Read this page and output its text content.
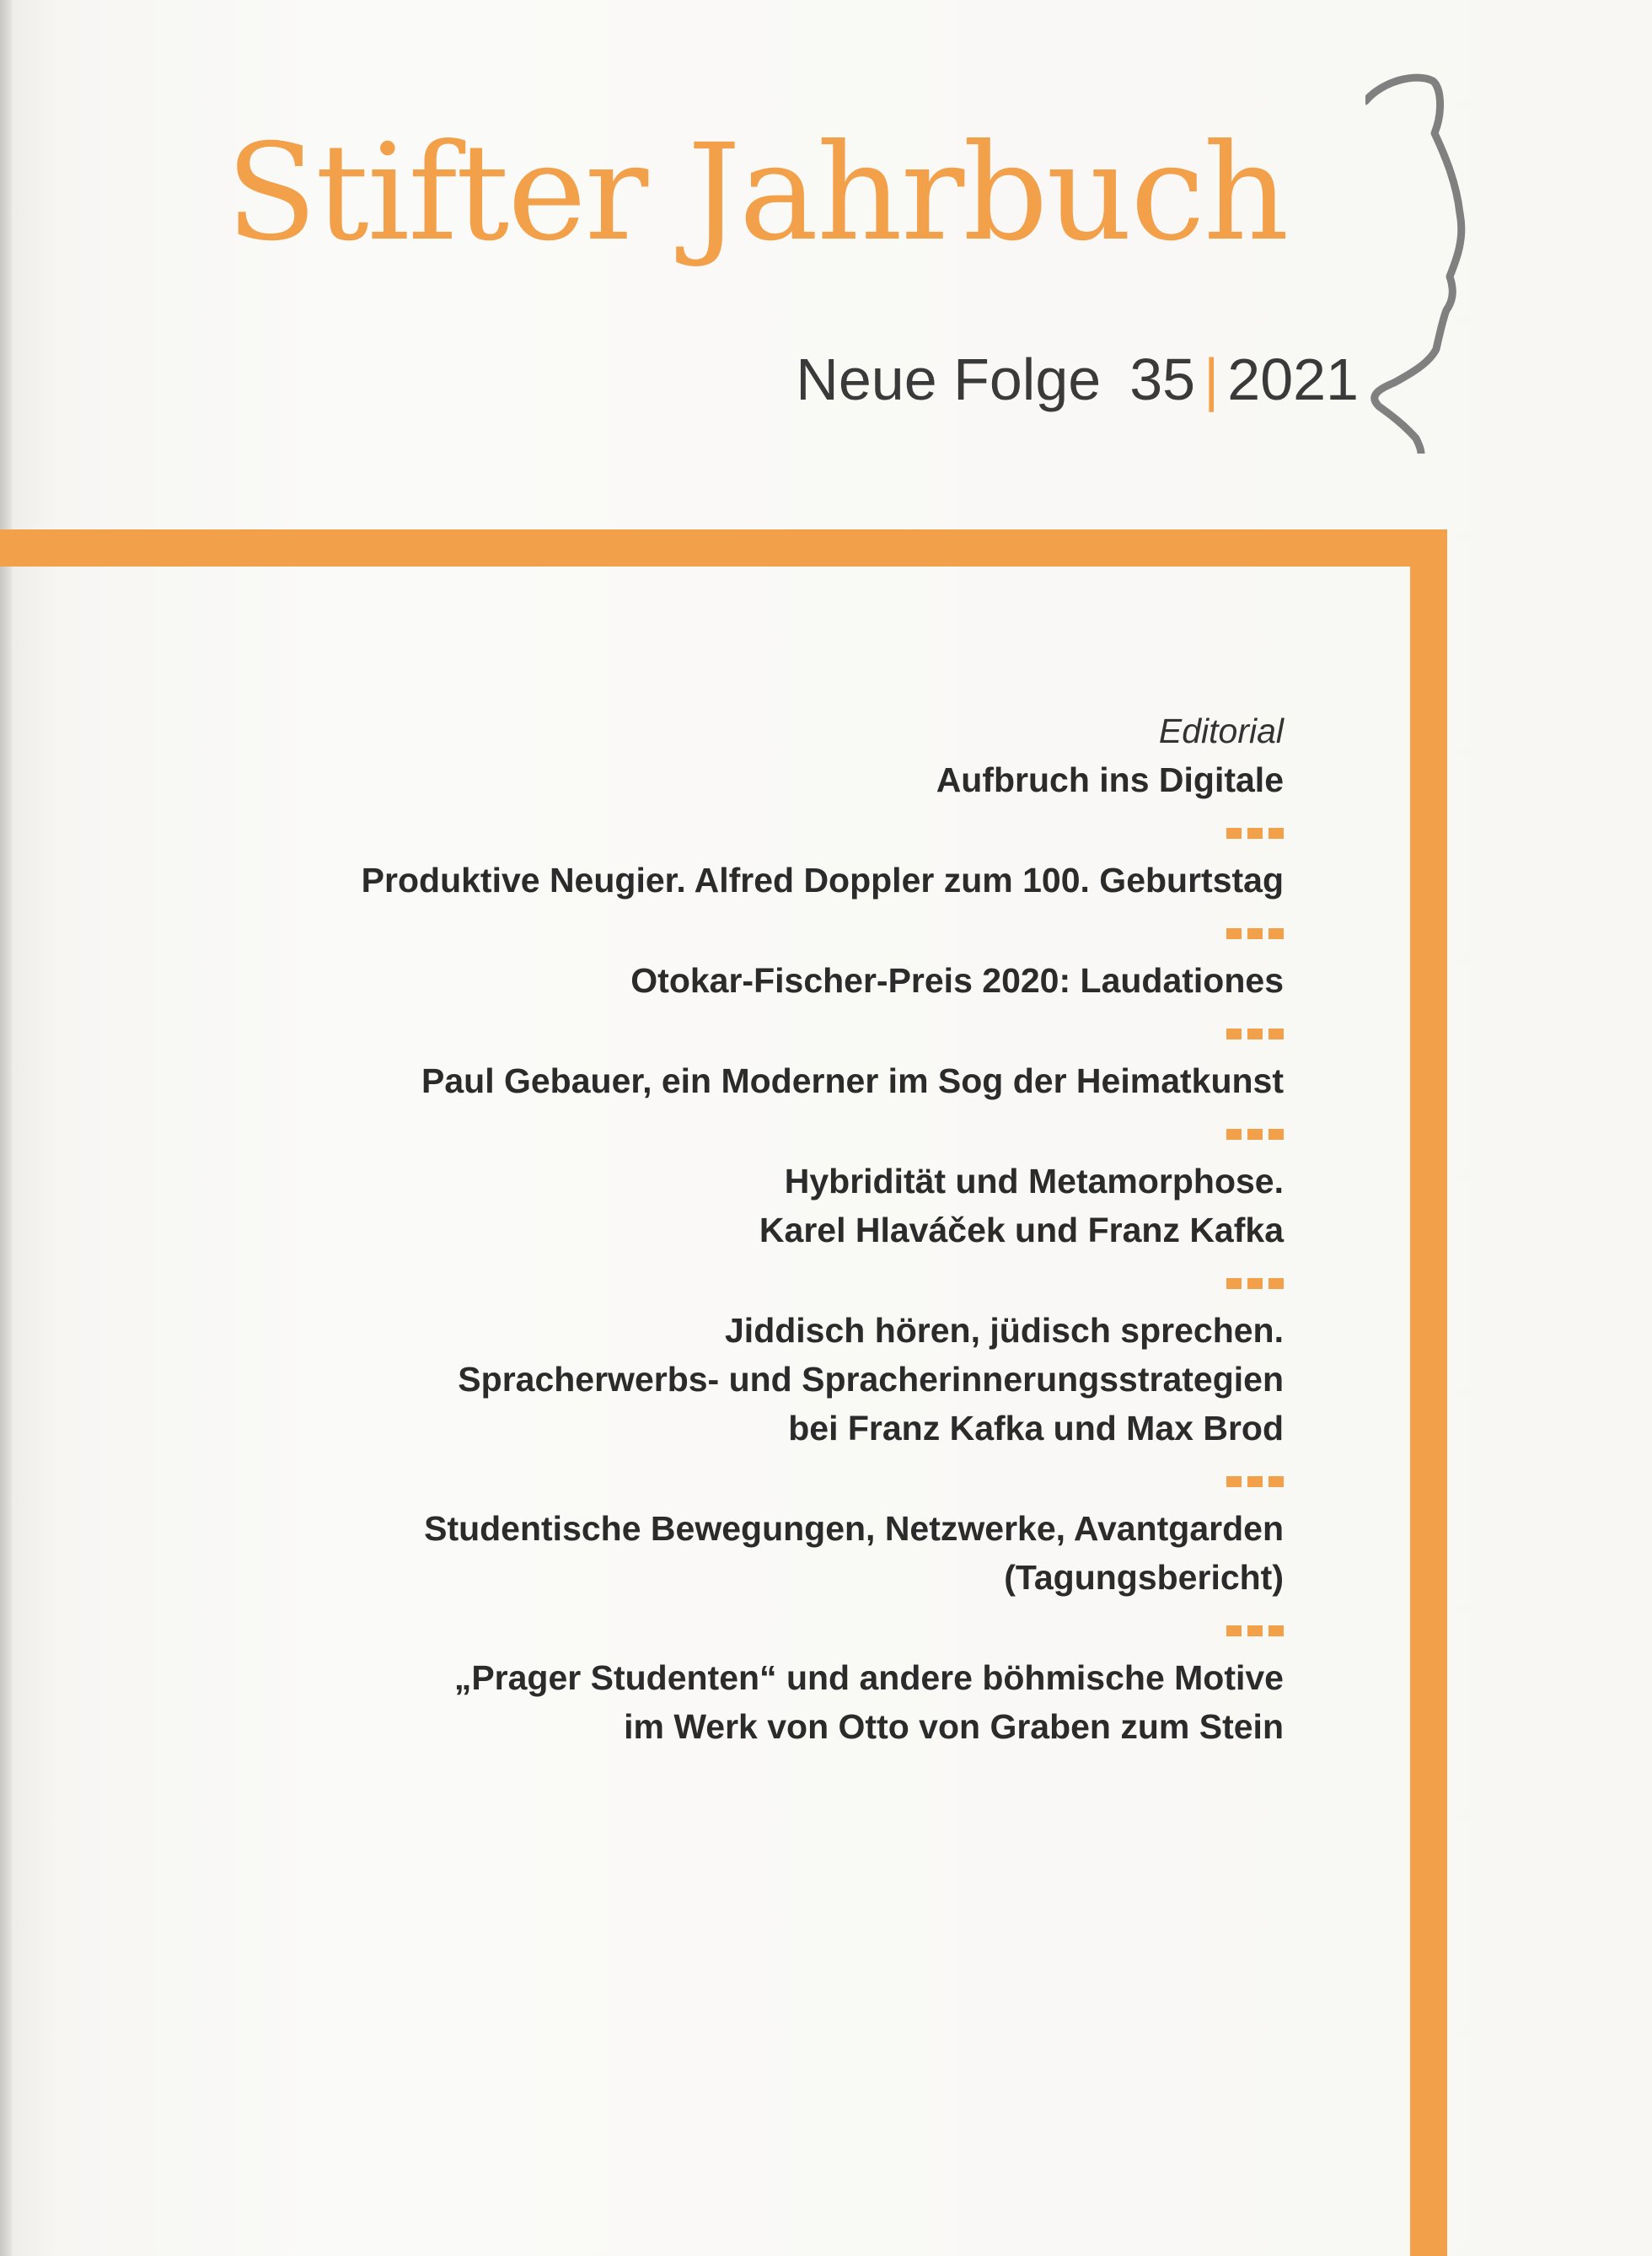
Stifter Jahrbuch
Neue Folge 35 | 2021
Editorial
Aufbruch ins Digitale
Produktive Neugier. Alfred Doppler zum 100. Geburtstag
Otokar-Fischer-Preis 2020: Laudationes
Paul Gebauer, ein Moderner im Sog der Heimatkunst
Hybridität und Metamorphose.
Karel Hlaváček und Franz Kafka
Jiddisch hören, jüdisch sprechen.
Spracherwerbs- und Spracherinnerungsstrategien
bei Franz Kafka und Max Brod
Studentische Bewegungen, Netzwerke, Avantgarden
(Tagungsbericht)
„Prager Studenten“ und andere böhmische Motive
im Werk von Otto von Graben zum Stein
